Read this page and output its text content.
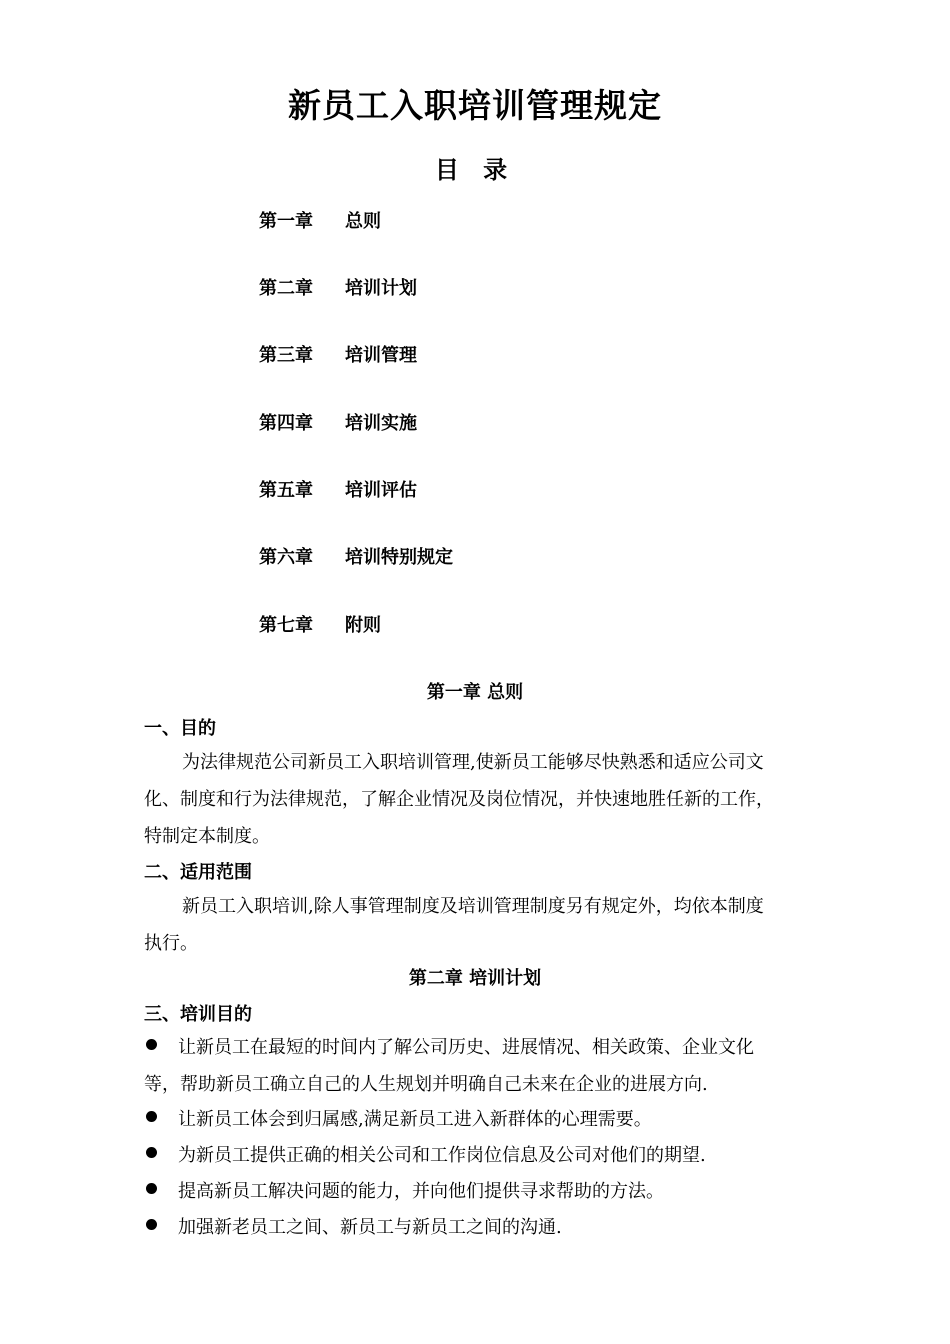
新员工入职培训管理规定
目 录
第一章 总则
第二章 培训计划
第三章 培训管理
第四章 培训实施
第五章 培训评估
第六章 培训特别规定
第七章 附则
第一章 总则
一、目的
为法律规范公司新员工入职培训管理,使新员工能够尽快熟悉和适应公司文
化、制度和行为法律规范，了解企业情况及岗位情况，并快速地胜任新的工作，
特制定本制度。
二、适用范围
新员工入职培训,除人事管理制度及培训管理制度另有规定外，均依本制度
执行。
第二章 培训计划
三、培训目的
让新员工在最短的时间内了解公司历史、进展情况、相关政策、企业文化
等，帮助新员工确立自己的人生规划并明确自己未来在企业的进展方向.
让新员工体会到归属感,满足新员工进入新群体的心理需要。
为新员工提供正确的相关公司和工作岗位信息及公司对他们的期望.
提高新员工解决问题的能力，并向他们提供寻求帮助的方法。
加强新老员工之间、新员工与新员工之间的沟通.
